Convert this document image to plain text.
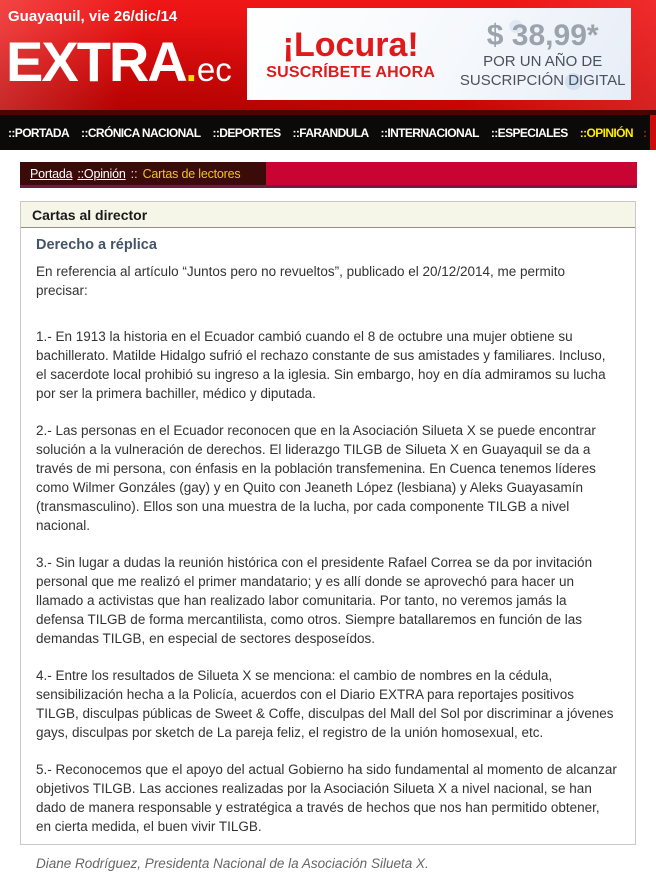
Guayaquil, vie 26/dic/14
EXTRA.ec
¡Locura!
SUSCRÍBETE AHORA
$ 38,99*
POR UN AÑO DE
SUSCRIPCIÓN DIGITAL
::PORTADA	::CRÓNICA NACIONAL	::DEPORTES	::FARANDULA	::INTERNACIONAL	::ESPECIALES	::OPINIÓN :
Portada ::Opinión :: Cartas de lectores
Cartas al director
Derecho a réplica

En referencia al artículo “Juntos pero no revueltos”, publicado el 20/12/2014, me permito precisar:

1.- En 1913 la historia en el Ecuador cambió cuando el 8 de octubre una mujer obtiene su bachillerato. Matilde Hidalgo sufrió el rechazo constante de sus amistades y familiares. Incluso, el sacerdote local prohibió su ingreso a la iglesia. Sin embargo, hoy en día admiramos su lucha por ser la primera bachiller, médico y diputada.

2.- Las personas en el Ecuador reconocen que en la Asociación Silueta X se puede encontrar solución a la vulneración de derechos. El liderazgo TILGB de Silueta X en Guayaquil se da a través de mi persona, con énfasis en la población transfemenina. En Cuenca tenemos líderes como Wilmer Gonzáles (gay) y en Quito con Jeaneth López (lesbiana) y Aleks Guayasamín (transmasculino). Ellos son una muestra de la lucha, por cada componente TILGB a nivel nacional.

3.- Sin lugar a dudas la reunión histórica con el presidente Rafael Correa se da por invitación personal que me realizó el primer mandatario; y es allí donde se aprovechó para hacer un llamado a activistas que han realizado labor comunitaria. Por tanto, no veremos jamás la defensa TILGB de forma mercantilista, como otros. Siempre batallaremos en función de las demandas TILGB, en especial de sectores desposeídos.

4.- Entre los resultados de Silueta X se menciona: el cambio de nombres en la cédula, sensibilización hecha a la Policía, acuerdos con el Diario EXTRA para reportajes positivos TILGB, disculpas públicas de Sweet & Coffe, disculpas del Mall del Sol por discriminar a jóvenes gays, disculpas por sketch de La pareja feliz, el registro de la unión homosexual, etc.

5.- Reconocemos que el apoyo del actual Gobierno ha sido fundamental al momento de alcanzar objetivos TILGB. Las acciones realizadas por la Asociación Silueta X a nivel nacional, se han dado de manera responsable y estratégica a través de hechos que nos han permitido obtener, en cierta medida, el buen vivir TILGB.

Diane Rodríguez, Presidenta Nacional de la Asociación Silueta X.
